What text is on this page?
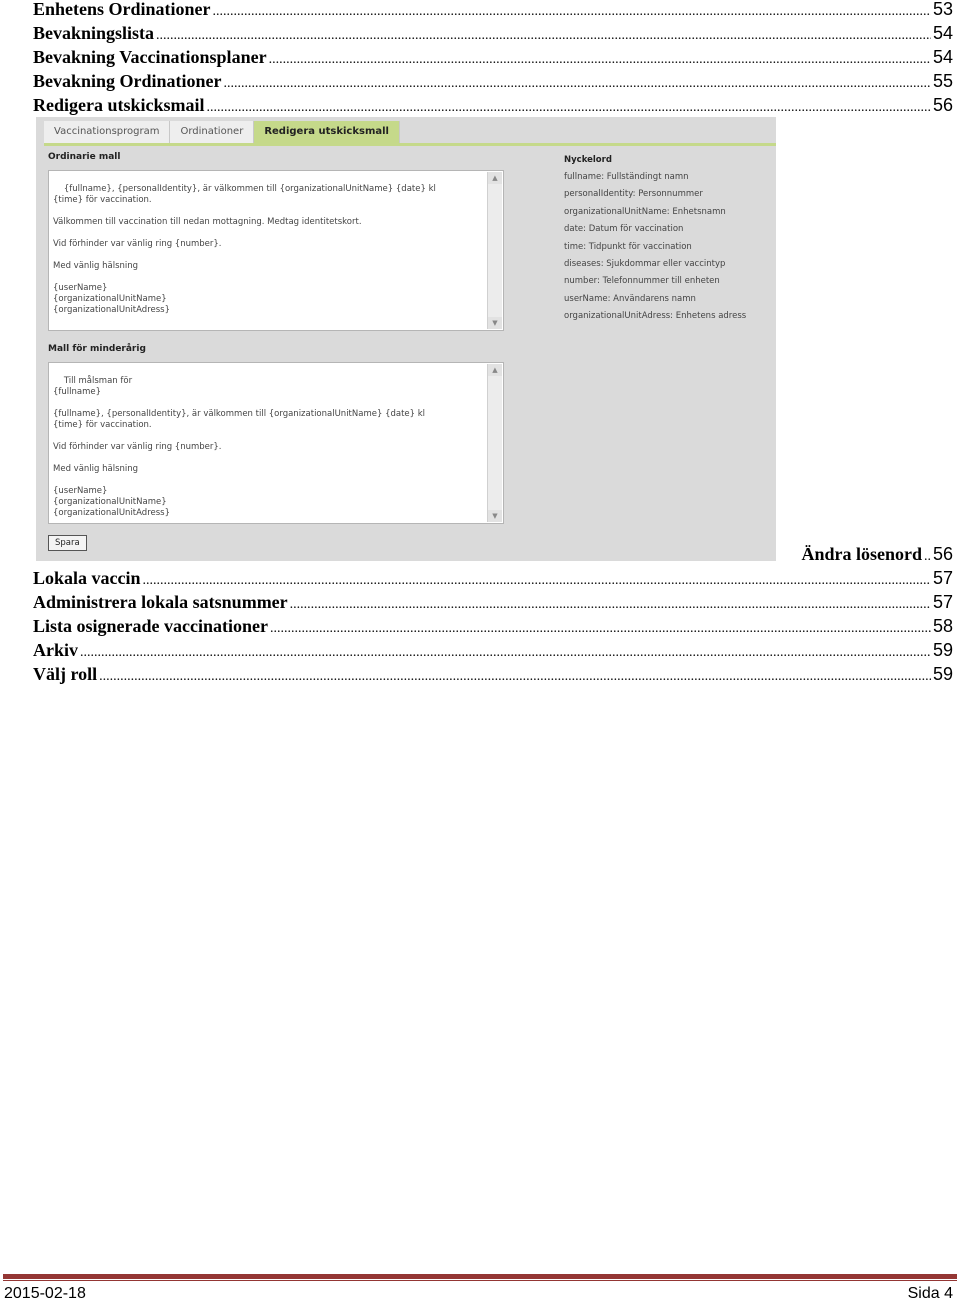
Enhetens Ordinationer .....	53
Bevakningslista .....	54
Bevakning Vaccinationsplaner .....	54
Bevakning Ordinationer .....	55
Redigera utskicksmail .....	56
Vaccinationsprogram	Ordinationer	Redigera utskicksmall
Ordinarie mall

{fullname}, {personalIdentity}, är välkommen till {organizationalUnitName} {date} kl
{time} för vaccination.

Välkommen till vaccination till nedan mottagning. Medtag identitetskort.

Vid förhinder var vänlig ring {number}.

Med vänlig hälsning

{userName}
{organizationalUnitName}
{organizationalUnitAdress}

▲

▼

Mall för minderårig

Till målsman för
{fullname}

{fullname}, {personalIdentity}, är välkommen till {organizationalUnitName} {date} kl
{time} för vaccination.

Vid förhinder var vänlig ring {number}.

Med vänlig hälsning

{userName}
{organizationalUnitName}
{organizationalUnitAdress}

▲

▼

Nyckelord
fullname: Fullständingt namn
personalIdentity: Personnummer
organizationalUnitName: Enhetsnamn
date: Datum för vaccination
time: Tidpunkt för vaccination
diseases: Sjukdommar eller vaccintyp
number: Telefonnummer till enheten
userName: Användarens namn
organizationalUnitAdress: Enhetens adress
Spara
Ändra lösenord .. 56
Lokala vaccin .....	57
Administrera lokala satsnummer .....	57
Lista osignerade vaccinationer .....	58
Arkiv .....	59
Välj roll .....	59
2015-02-18	Sida 4
